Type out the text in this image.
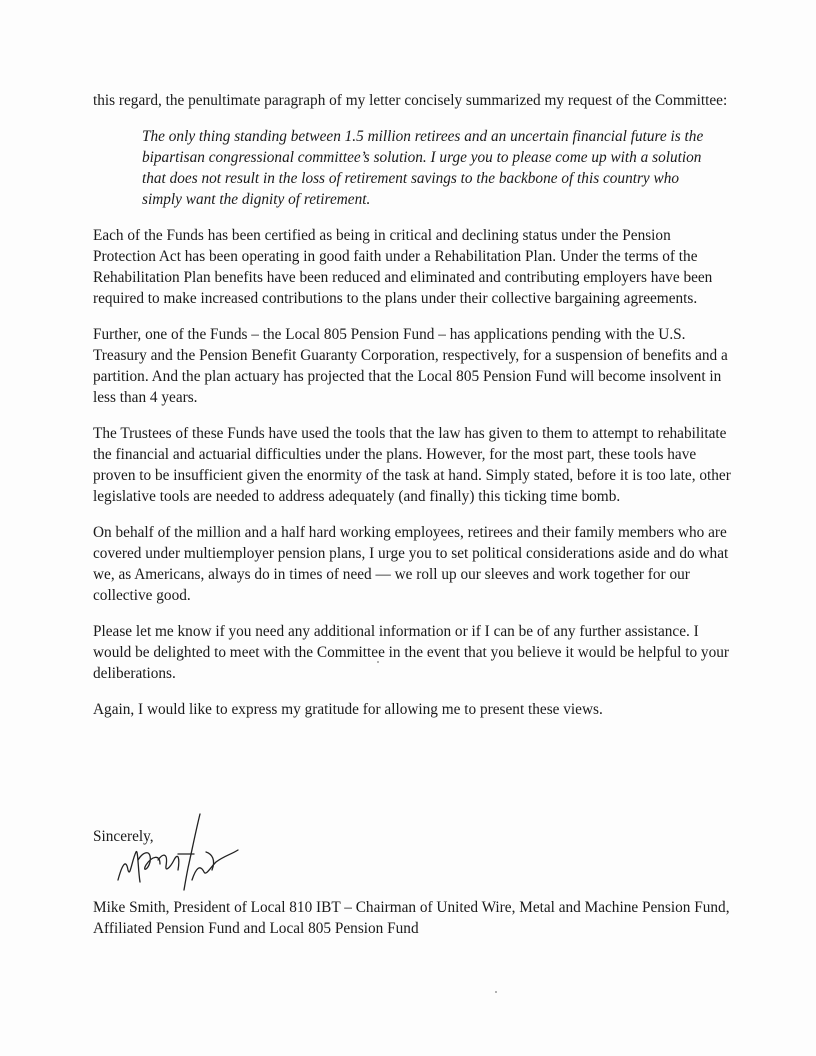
this regard, the penultimate paragraph of my letter concisely summarized my request of the Committee:

The only thing standing between 1.5 million retirees and an uncertain financial future is the bipartisan congressional committee’s solution. I urge you to please come up with a solution that does not result in the loss of retirement savings to the backbone of this country who simply want the dignity of retirement.

Each of the Funds has been certified as being in critical and declining status under the Pension Protection Act has been operating in good faith under a Rehabilitation Plan. Under the terms of the Rehabilitation Plan benefits have been reduced and eliminated and contributing employers have been required to make increased contributions to the plans under their collective bargaining agreements.

Further, one of the Funds – the Local 805 Pension Fund – has applications pending with the U.S. Treasury and the Pension Benefit Guaranty Corporation, respectively, for a suspension of benefits and a partition. And the plan actuary has projected that the Local 805 Pension Fund will become insolvent in less than 4 years.

The Trustees of these Funds have used the tools that the law has given to them to attempt to rehabilitate the financial and actuarial difficulties under the plans. However, for the most part, these tools have proven to be insufficient given the enormity of the task at hand. Simply stated, before it is too late, other legislative tools are needed to address adequately (and finally) this ticking time bomb.

On behalf of the million and a half hard working employees, retirees and their family members who are covered under multiemployer pension plans, I urge you to set political considerations aside and do what we, as Americans, always do in times of need — we roll up our sleeves and work together for our collective good.

Please let me know if you need any additional information or if I can be of any further assistance. I would be delighted to meet with the Committee in the event that you believe it would be helpful to your deliberations.

Again, I would like to express my gratitude for allowing me to present these views.

Sincerely,
Mike Smith, President of Local 810 IBT – Chairman of United Wire, Metal and Machine Pension Fund, Affiliated Pension Fund and Local 805 Pension Fund
